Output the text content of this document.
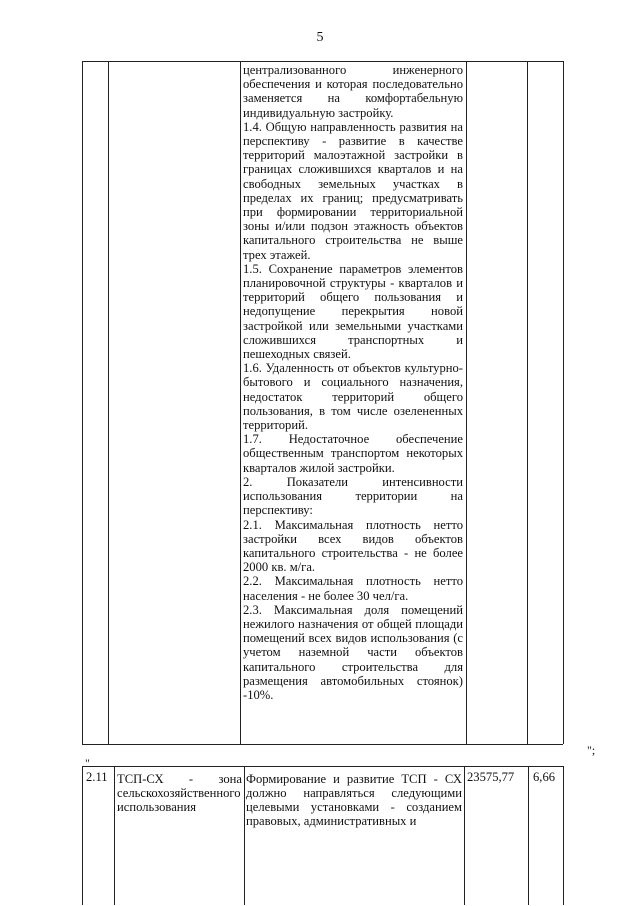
5

централизованного инженерного обеспечения и которая последовательно заменяется на комфортабельную индивидуальную застройку.

1.4. Общую направленность развития на перспективу - развитие в качестве территорий малоэтажной застройки в границах сложившихся кварталов и на свободных земельных участках в пределах их границ; предусматривать при формировании территориальной зоны и/или подзон этажность объектов капитального строительства не выше трех этажей.

1.5. Сохранение параметров элементов планировочной структуры - кварталов и территорий общего пользования и недопущение перекрытия новой застройкой или земельными участками сложившихся транспортных и пешеходных связей.

1.6. Удаленность от объектов культурно-бытового и социального назначения, недостаток территорий общего пользования, в том числе озелененных территорий.

1.7. Недостаточное обеспечение общественным транспортом некоторых кварталов жилой застройки.

2. Показатели интенсивности использования территории на перспективу:

2.1. Максимальная плотность нетто застройки всех видов объектов капитального строительства - не более 2000 кв. м/га.

2.2. Максимальная плотность нетто населения - не более 30 чел/га.

2.3. Максимальная доля помещений нежилого назначения от общей площади помещений всех видов использования (с учетом наземной части объектов капитального строительства для размещения автомобильных стоянок) -10%.

"
";
2.11 ТСП-СХ - зона
сельскохозяйственного использования
Формирование и развитие ТСП - СХ должно направляться следующими целевыми установками - созданием правовых, административных и
23575,77 6,66
